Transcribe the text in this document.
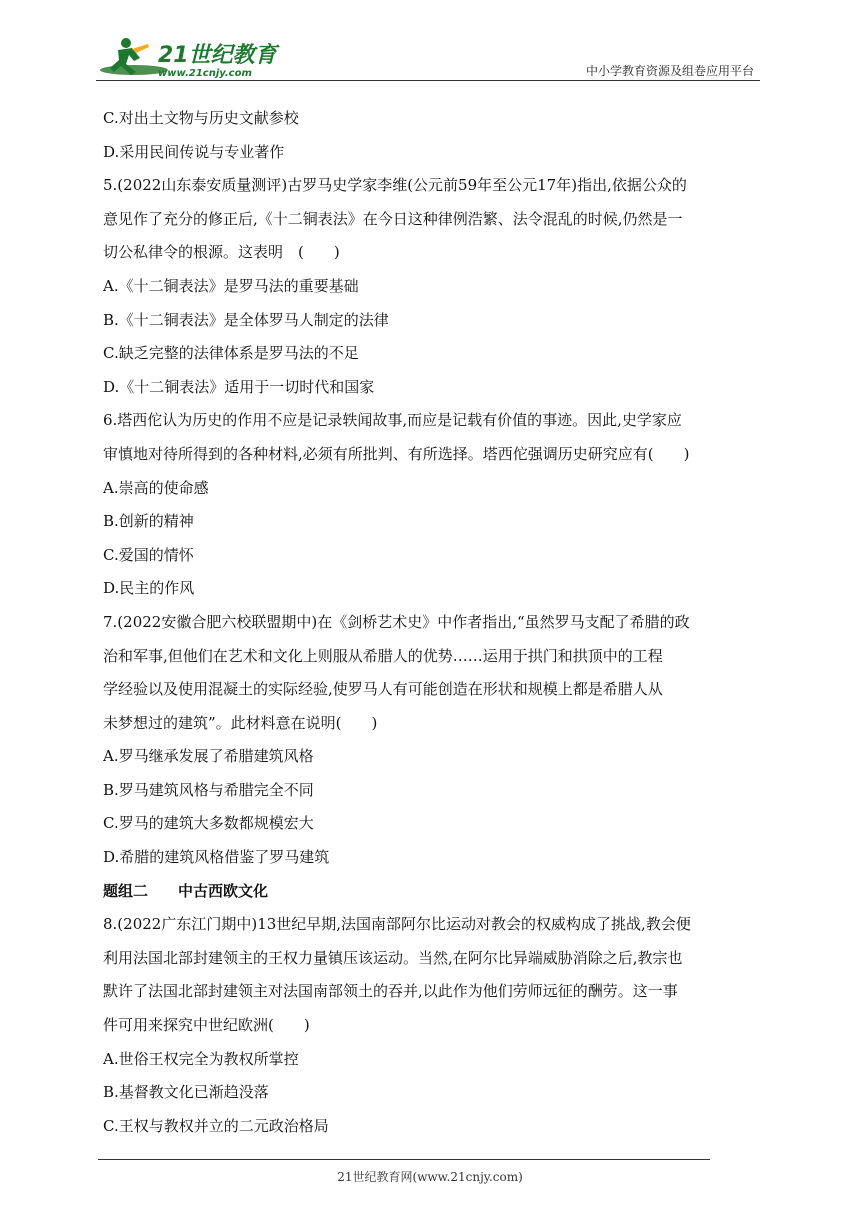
21世纪教育
www.21cnjy.com	中小学教育资源及组卷应用平台
C.对出土文物与历史文献参校
D.采用民间传说与专业著作
5.(2022山东泰安质量测评)古罗马史学家李维(公元前59年至公元17年)指出,依据公众的
意见作了充分的修正后,《十二铜表法》在今日这种律例浩繁、法令混乱的时候,仍然是一
切公私律令的根源。这表明　(　　)
A.《十二铜表法》是罗马法的重要基础
B.《十二铜表法》是全体罗马人制定的法律
C.缺乏完整的法律体系是罗马法的不足
D.《十二铜表法》适用于一切时代和国家
6.塔西佗认为历史的作用不应是记录轶闻故事,而应是记载有价值的事迹。因此,史学家应
审慎地对待所得到的各种材料,必须有所批判、有所选择。塔西佗强调历史研究应有(　　)
A.崇高的使命感
B.创新的精神
C.爱国的情怀
D.民主的作风
7.(2022安徽合肥六校联盟期中)在《剑桥艺术史》中作者指出,“虽然罗马支配了希腊的政
治和军事,但他们在艺术和文化上则服从希腊人的优势……运用于拱门和拱顶中的工程
学经验以及使用混凝土的实际经验,使罗马人有可能创造在形状和规模上都是希腊人从
未梦想过的建筑”。此材料意在说明(　　)
A.罗马继承发展了希腊建筑风格
B.罗马建筑风格与希腊完全不同
C.罗马的建筑大多数都规模宏大
D.希腊的建筑风格借鉴了罗马建筑
题组二　　中古西欧文化
8.(2022广东江门期中)13世纪早期,法国南部阿尔比运动对教会的权威构成了挑战,教会便
利用法国北部封建领主的王权力量镇压该运动。当然,在阿尔比异端威胁消除之后,教宗也
默许了法国北部封建领主对法国南部领土的吞并,以此作为他们劳师远征的酬劳。这一事
件可用来探究中世纪欧洲(　　)
A.世俗王权完全为教权所掌控
B.基督教文化已渐趋没落
C.王权与教权并立的二元政治格局
21世纪教育网(www.21cnjy.com)
